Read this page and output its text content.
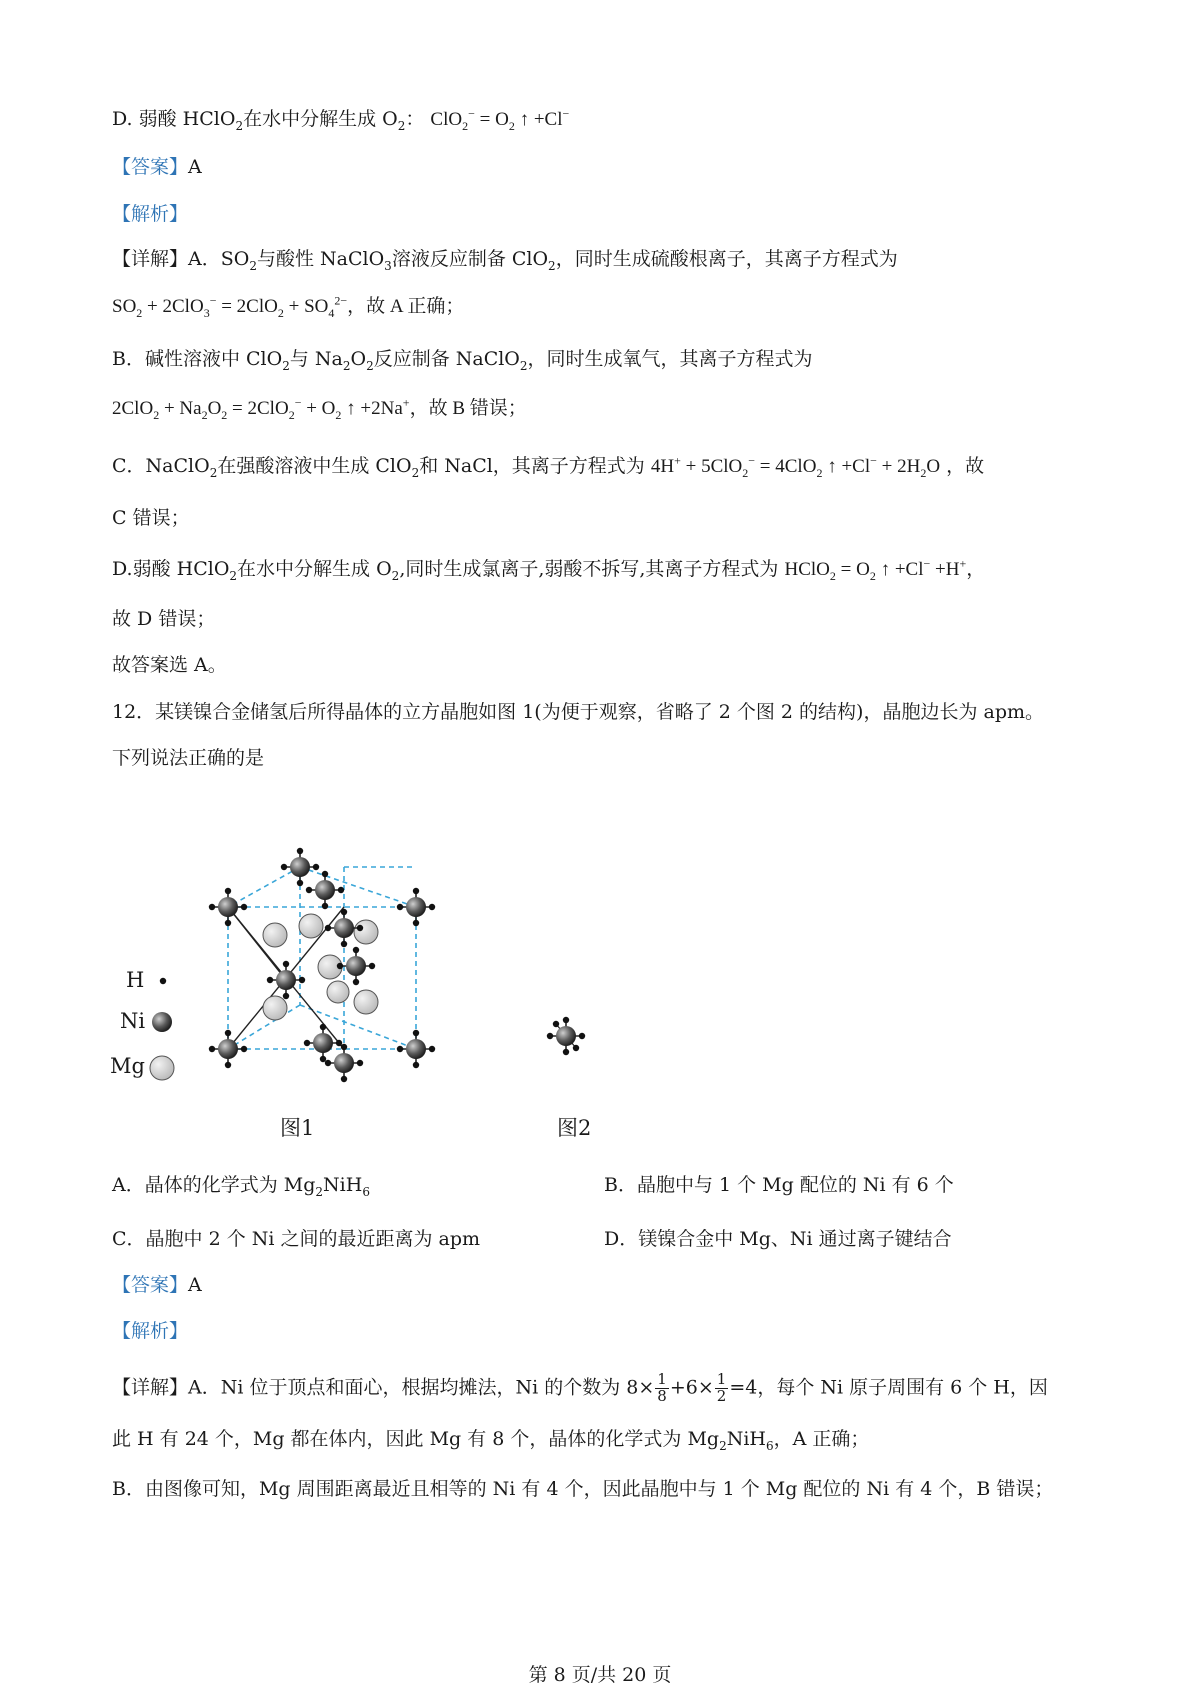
D. 弱酸 HClO$_2$在水中分解生成 $O_2$： $ClO_2^- = O_2$ ↑ +Cl−
【答案】A
【解析】
【详解】A．$SO_2$与酸性 NaClO$_3$溶液反应制备 ClO$_2$，同时生成硫酸根离子，其离子方程式为
$SO_2 + 2ClO_3^- = 2ClO_2 + SO_4^{2-}$，故 A 正确；
B．碱性溶液中 ClO$_2$与 $Na_2O_2$反应制备 NaClO$_2$，同时生成氧气，其离子方程式为
$2ClO_2 + Na_2O_2 = 2ClO_2^- + O_2$ ↑ +2Na+，故 B 错误；
C．NaClO$_2$在强酸溶液中生成 ClO$_2$和 NaCl，其离子方程式为 4H+ + 5ClO$_2$− = 4ClO$_2$ ↑ $+Cl^- + 2H_2O$ ，故
C 错误；
D.弱酸 HClO$_2$在水中分解生成 $O_2$,同时生成氯离子,弱酸不拆写,其离子方程式为 HClO$_2$ = $O_2$ ↑ +Cl− +H+，
故 D 错误；
故答案选 A。
12．某镁镍合金储氢后所得晶体的立方晶胞如图 1(为便于观察，省略了 2 个图 2 的结构)，晶胞边长为 apm。
下列说法正确的是
H
Ni
Mg
图1	图2
A．晶体的化学式为 $Mg_2NiH_6$	B．晶胞中与 1 个 Mg 配位的 Ni 有 6 个
C．晶胞中 2 个 Ni 之间的最近距离为 apm	D．镁镍合金中 Mg、Ni 通过离子键结合
【答案】A
【解析】
【详解】A．Ni 位于顶点和面心，根据均摊法，Ni 的个数为 $8\times \frac{1}{8} +6\times \frac{1}{2} =4$，每个 Ni 原子周围有 6 个 H，因
此 H 有 24 个，Mg 都在体内，因此 Mg 有 8 个，晶体的化学式为 $Mg_2NiH_6$，A 正确；
B．由图像可知，Mg 周围距离最近且相等的 Ni 有 4 个，因此晶胞中与 1 个 Mg 配位的 Ni 有 4 个，B 错误；
第 8 页/共 20 页
